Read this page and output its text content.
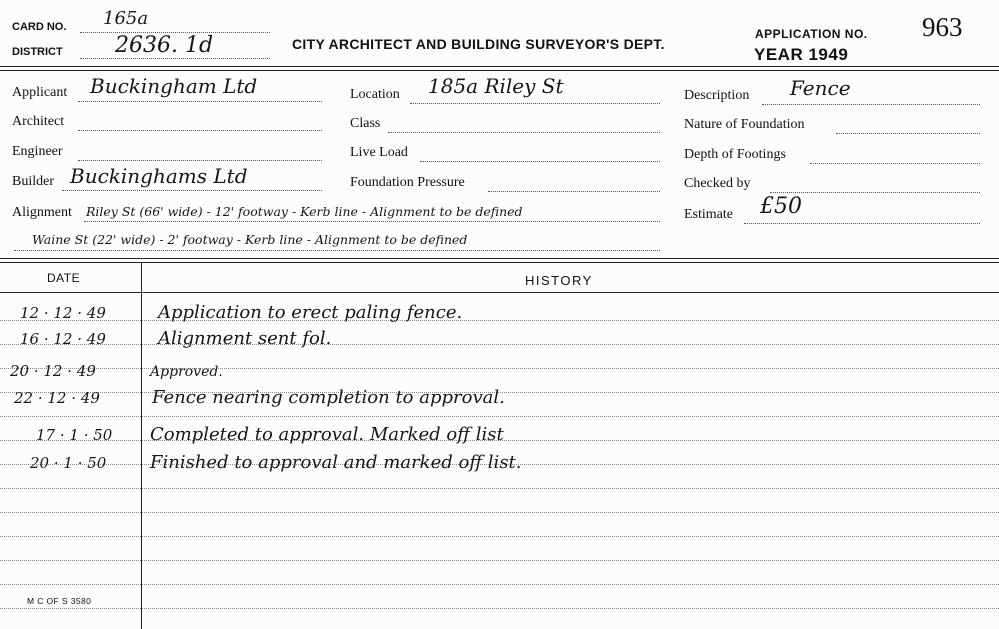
CARD NO. 165a
DISTRICT 2636. 1d	CITY ARCHITECT AND BUILDING SURVEYOR'S DEPT.
APPLICATION NO. 963
YEAR 1949
Applicant Buckingham Ltd
Architect
Engineer
Builder Buckinghams Ltd
Location 185a Riley St
Class
Live Load
Foundation Pressure
Description Fence
Nature of Foundation
Depth of Footings
Checked by
Estimate £50
Alignment Riley St (66' wide) - 12' footway - Kerb line - Alignment to be defined
Waine St (22' wide) - 2' footway - Kerb line - Alignment to be defined
DATE	HISTORY
12 · 12 · 49	Application to erect paling fence.
16 · 12 · 49	Alignment sent fol.
20 · 12 · 49	Approved.
22 · 12 · 49	Fence nearing completion to approval.
17 · 1 · 50 Completed to approval. Marked off list
20 · 1 · 50 Finished to approval and marked off list.
M C OF S 3580
